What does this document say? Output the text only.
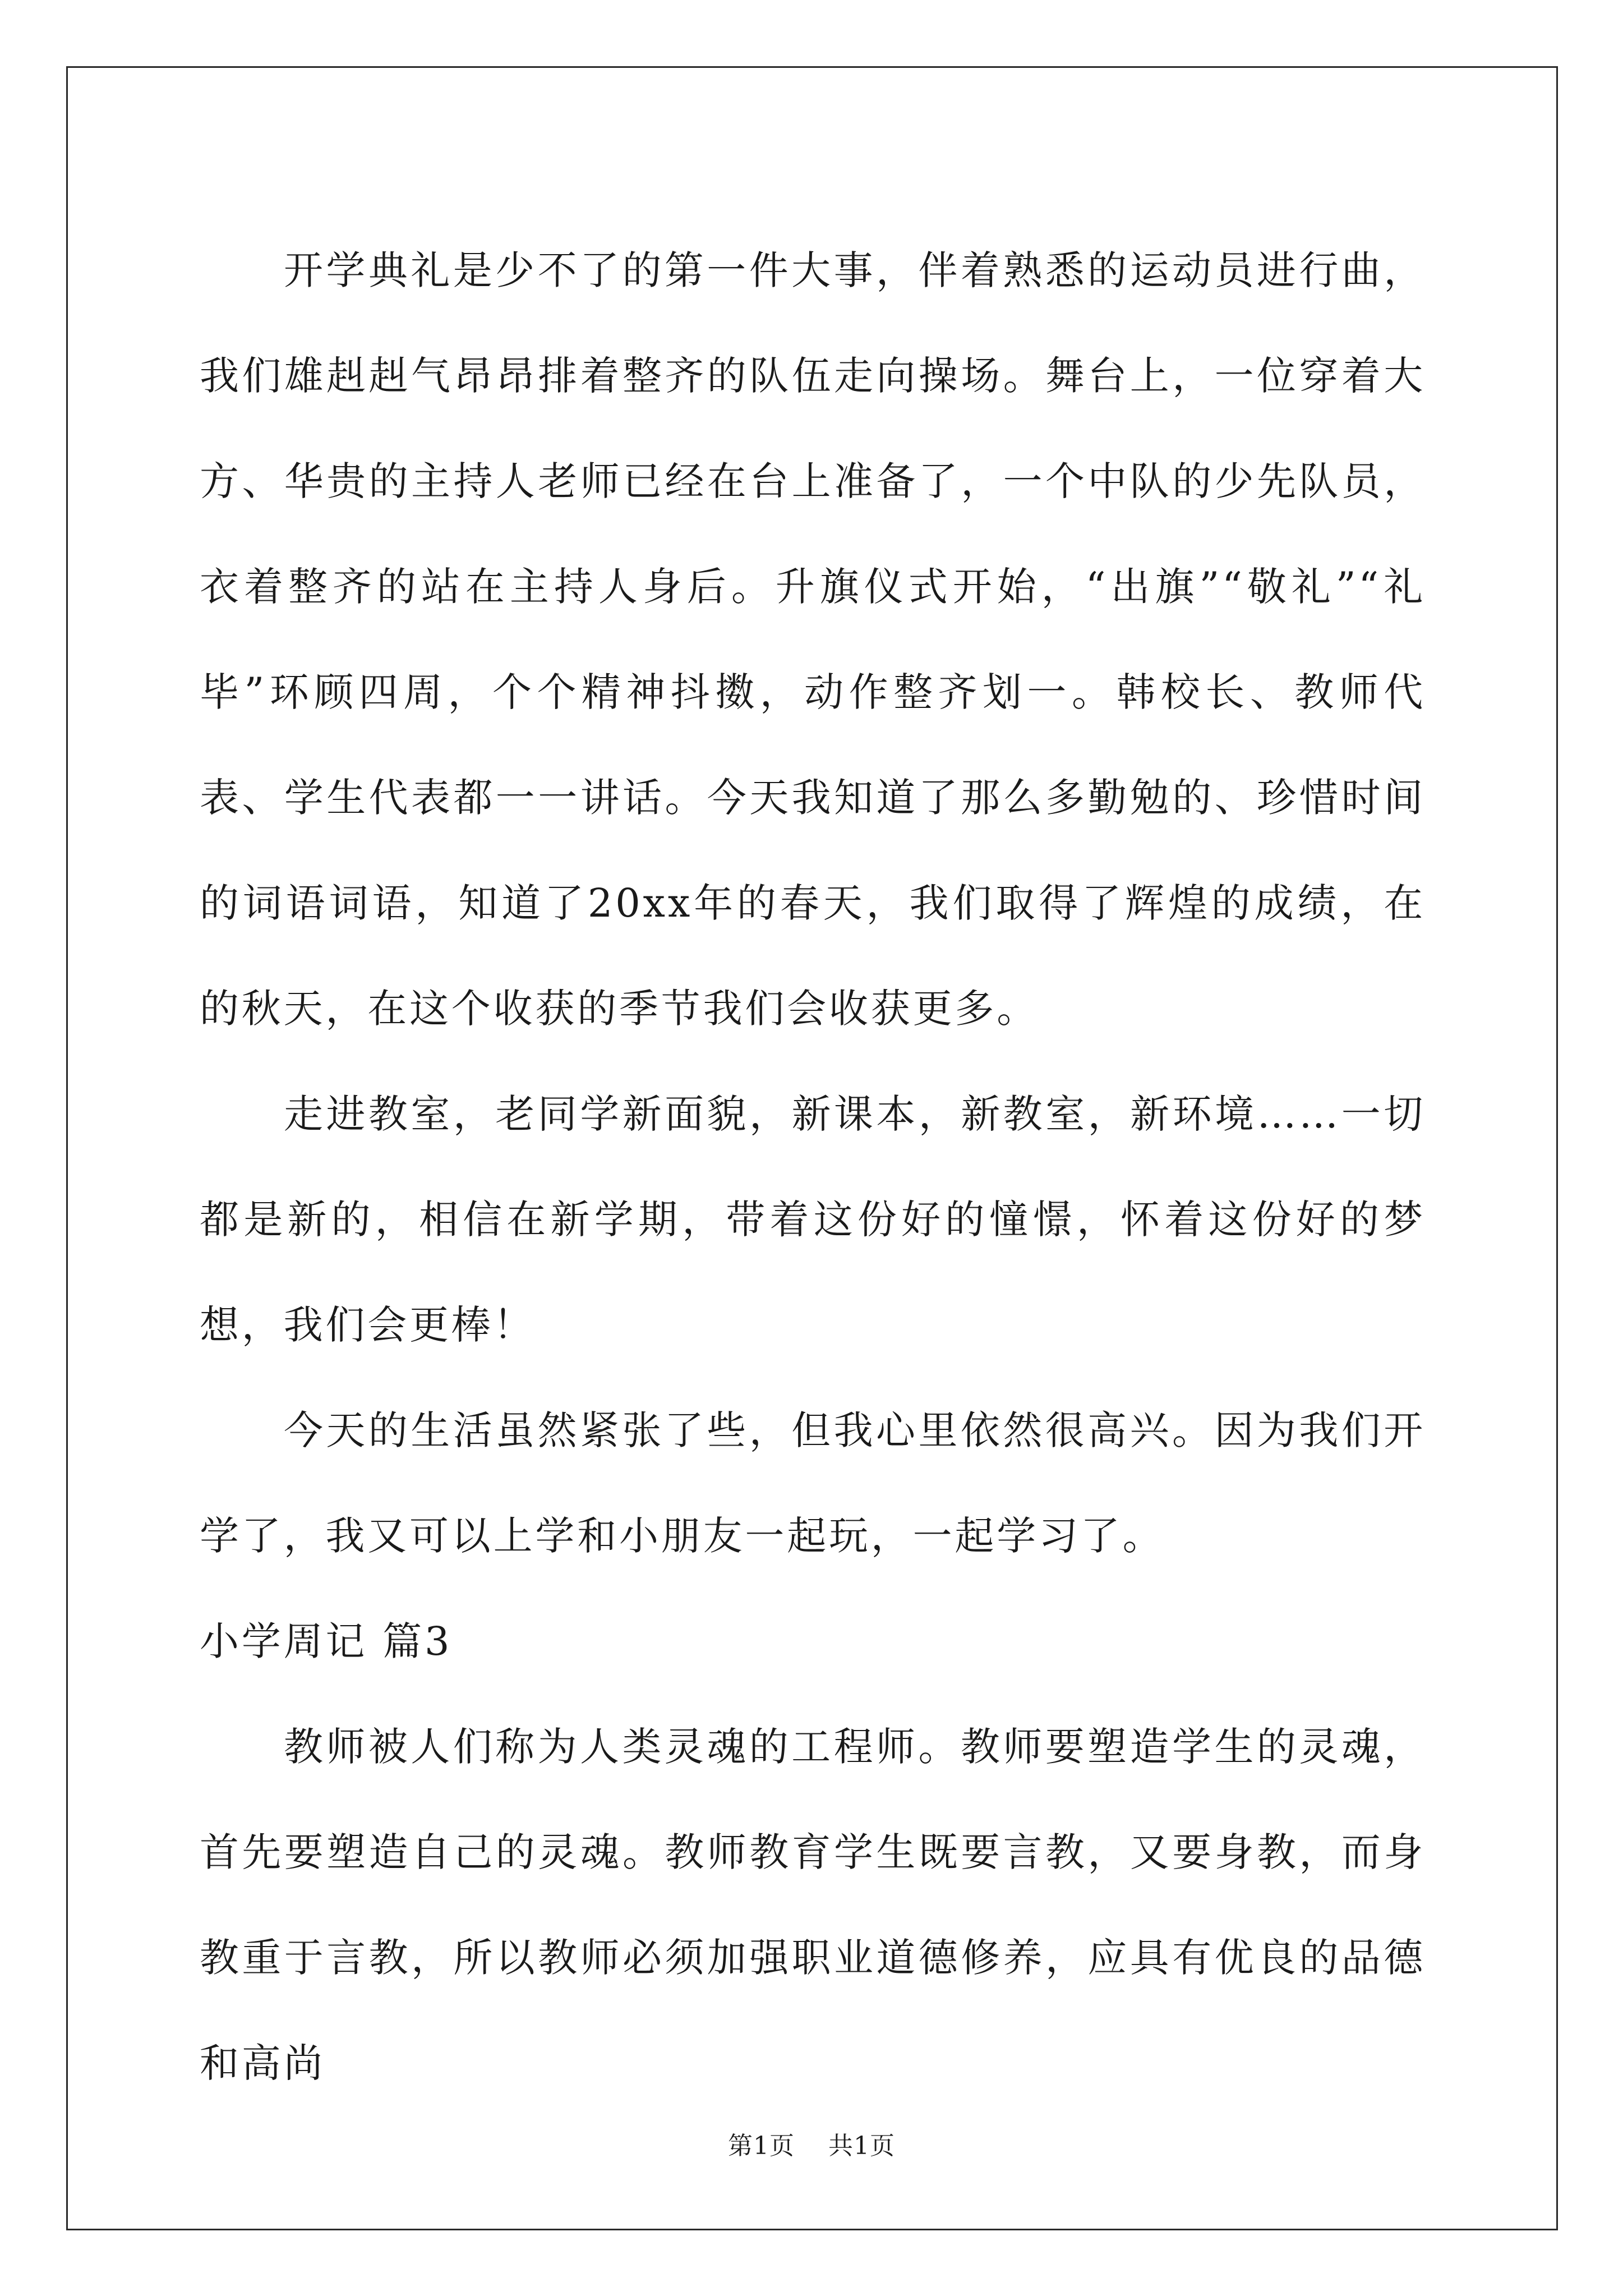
开学典礼是少不了的第一件大事，伴着熟悉的运动员进行曲，我们雄赳赳气昂昂排着整齐的队伍走向操场。舞台上，一位穿着大方、华贵的主持人老师已经在台上准备了，一个中队的少先队员，衣着整齐的站在主持人身后。升旗仪式开始，“出旗”“敬礼”“礼毕”环顾四周，个个精神抖擞，动作整齐划一。韩校长、教师代表、学生代表都一一讲话。今天我知道了那么多勤勉的、珍惜时间的词语词语，知道了20xx年的春天，我们取得了辉煌的成绩，在的秋天，在这个收获的季节我们会收获更多。

走进教室，老同学新面貌，新课本，新教室，新环境……一切都是新的，相信在新学期，带着这份好的憧憬，怀着这份好的梦想，我们会更棒！

今天的生活虽然紧张了些，但我心里依然很高兴。因为我们开学了，我又可以上学和小朋友一起玩，一起学习了。

小学周记 篇3

教师被人们称为人类灵魂的工程师。教师要塑造学生的灵魂，首先要塑造自己的灵魂。教师教育学生既要言教，又要身教，而身教重于言教，所以教师必须加强职业道德修养，应具有优良的品德和高尚

第1页 共1页
